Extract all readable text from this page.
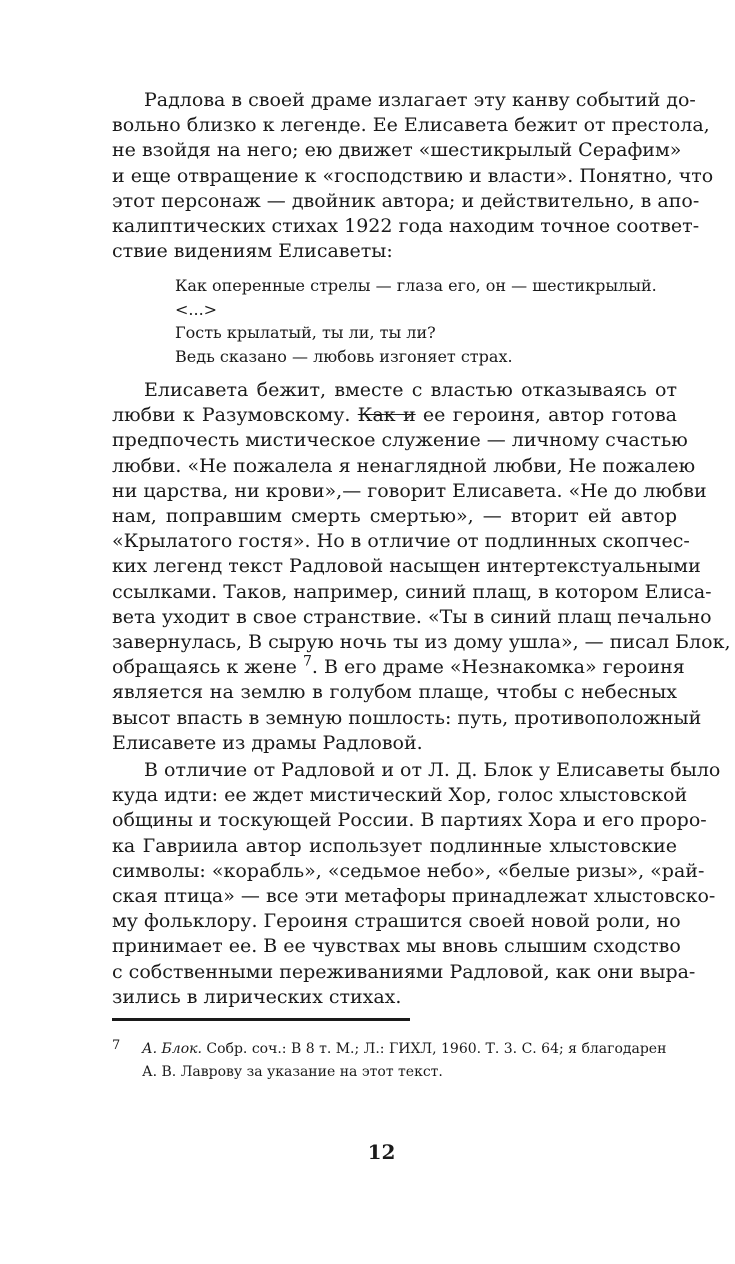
Радлова в своей драме излагает эту канву событий до-
вольно близко к легенде. Ее Елисавета бежит от престола,
не взойдя на него; ею движет «шестикрылый Серафим»
и еще отвращение к «господствию и власти». Понятно, что
этот персонаж — двойник автора; и действительно, в апо-
калиптических стихах 1922 года находим точное соответ-
ствие видениям Елисаветы:
Как оперенные стрелы — глаза его, он — шестикрылый.
<...>
Гость крылатый, ты ли, ты ли?
Ведь сказано — любовь изгоняет страх.
Елисавета бежит, вместе с властью отказываясь от
любви к Разумовскому. Как и ее героиня, автор готова
предпочесть мистическое служение — личному счастью
любви. «Не пожалела я ненаглядной любви, Не пожалею
ни царства, ни крови»,— говорит Елисавета. «Не до любви
нам, поправшим смерть смертью», — вторит ей автор
«Крылатого гостя». Но в отличие от подлинных скопчес-
ких легенд текст Радловой насыщен интертекстуальными
ссылками. Таков, например, синий плащ, в котором Елиса-
вета уходит в свое странствие. «Ты в синий плащ печально
завернулась, В сырую ночь ты из дому ушла», — писал Блок,
обращаясь к жене $^7$. В его драме «Незнакомка» героиня
является на землю в голубом плаще, чтобы с небесных
высот впасть в земную пошлость: путь, противоположный
Елисавете из драмы Радловой.
В отличие от Радловой и от Л. Д. Блок у Елисаветы было
куда идти: ее ждет мистический Хор, голос хлыстовской
общины и тоскующей России. В партиях Хора и его проро-
ка Гавриила автор использует подлинные хлыстовские
символы: «корабль», «седьмое небо», «белые ризы», «рай-
ская птица» — все эти метафоры принадлежат хлыстовско-
му фольклору. Героиня страшится своей новой роли, но
принимает ее. В ее чувствах мы вновь слышим сходство
с собственными переживаниями Радловой, как они выра-
зились в лирических стихах.
7 А. Блок. Собр. соч.: В 8 т. М.; Л.: ГИХЛ, 1960. Т. 3. С. 64; я благодарен
А. В. Лаврову за указание на этот текст.
12
